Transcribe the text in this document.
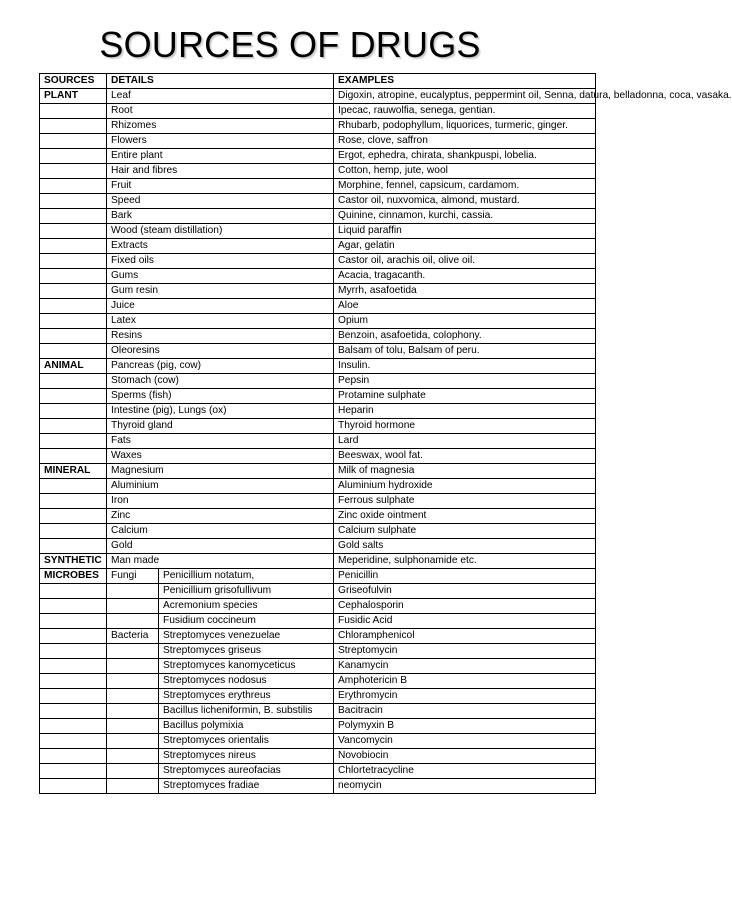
SOURCES OF DRUGS
SOURCES	DETAILS		EXAMPLES
PLANT	Leaf		Digoxin, atropine, eucalyptus, peppermint oil, Senna, datura, belladonna, coca, vasaka.
	Root		Ipecac, rauwolfia, senega, gentian.
	Rhizomes		Rhubarb, podophyllum, liquorices, turmeric, ginger.
	Flowers		Rose, clove, saffron
	Entire plant		Ergot, ephedra, chirata, shankpuspi, lobelia.
	Hair and fibres		Cotton, hemp, jute, wool
	Fruit		Morphine, fennel, capsicum, cardamom.
	Speed		Castor oil, nuxvomica, almond, mustard.
	Bark		Quinine, cinnamon, kurchi, cassia.
	Wood (steam distillation)		Liquid paraffin
	Extracts		Agar, gelatin
	Fixed oils		Castor oil, arachis oil, olive oil.
	Gums		Acacia, tragacanth.
	Gum resin		Myrrh, asafoetida
	Juice		Aloe
	Latex		Opium
	Resins		Benzoin, asafoetida, colophony.
	Oleoresins		Balsam of tolu, Balsam of peru.
ANIMAL	Pancreas (pig, cow)		Insulin.
	Stomach (cow)		Pepsin
	Sperms (fish)		Protamine sulphate
	Intestine (pig), Lungs (ox)		Heparin
	Thyroid gland		Thyroid hormone
	Fats		Lard
	Waxes		Beeswax, wool fat.
MINERAL	Magnesium		Milk of magnesia
	Aluminium		Aluminium hydroxide
	Iron		Ferrous sulphate
	Zinc		Zinc oxide ointment
	Calcium		Calcium sulphate
	Gold		Gold salts
SYNTHETIC	Man made		Meperidine, sulphonamide etc.
MICROBES	Fungi	Penicillium notatum,	Penicillin
		Penicillium grisofullivum	Griseofulvin
		Acremonium species	Cephalosporin
		Fusidium coccineum	Fusidic Acid
	Bacteria	Streptomyces venezuelae	Chloramphenicol
		Streptomyces griseus	Streptomycin
		Streptomyces kanomyceticus	Kanamycin
		Streptomyces nodosus	Amphotericin B
		Streptomyces erythreus	Erythromycin
		Bacillus licheniformin, B. substilis	Bacitracin
		Bacillus polymixia	Polymyxin B
		Streptomyces orientalis	Vancomycin
		Streptomyces nireus	Novobiocin
		Streptomyces aureofacias	Chlortetracycline
		Streptomyces fradiae	neomycin
